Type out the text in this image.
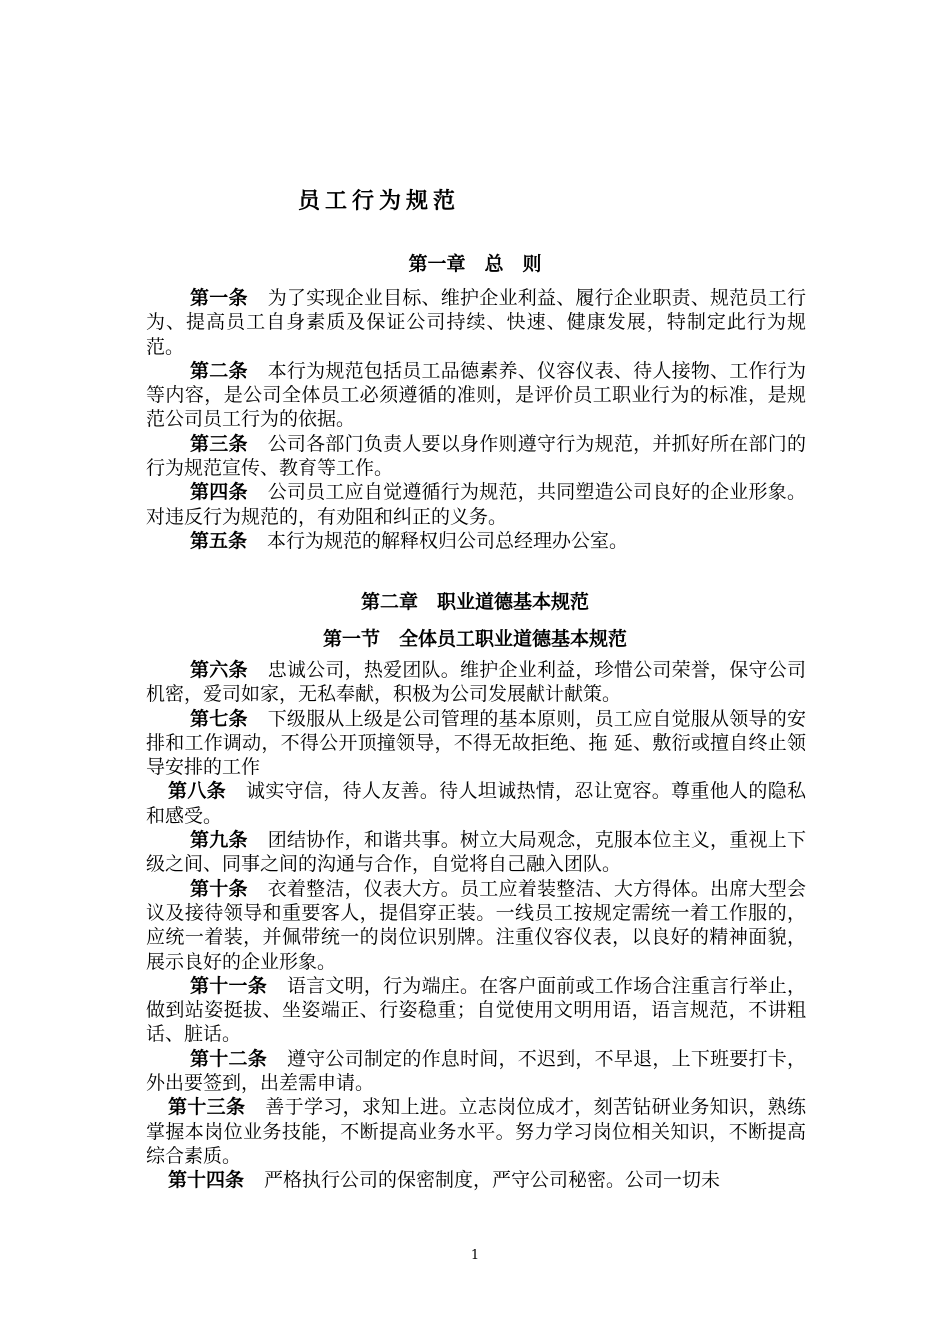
员工行为规范
第一章　总　则

第一条 为了实现企业目标、维护企业利益、履行企业职责、规范员工行为、提高员工自身素质及保证公司持续、快速、健康发展，特制定此行为规范。

第二条 本行为规范包括员工品德素养、仪容仪表、待人接物、工作行为等内容，是公司全体员工必须遵循的准则，是评价员工职业行为的标准，是规范公司员工行为的依据。

第三条 公司各部门负责人要以身作则遵守行为规范，并抓好所在部门的行为规范宣传、教育等工作。

第四条 公司员工应自觉遵循行为规范，共同塑造公司良好的企业形象。对违反行为规范的，有劝阻和纠正的义务。

第五条 本行为规范的解释权归公司总经理办公室。

第二章　职业道德基本规范
第一节　全体员工职业道德基本规范

第六条 忠诚公司，热爱团队。维护企业利益，珍惜公司荣誉，保守公司机密，爱司如家，无私奉献，积极为公司发展献计献策。

第七条 下级服从上级是公司管理的基本原则，员工应自觉服从领导的安排和工作调动，不得公开顶撞领导，不得无故拒绝、拖 延、敷衍或擅自终止领导安排的工作

第八条 诚实守信，待人友善。待人坦诚热情，忍让宽容。尊重他人的隐私和感受。

第九条 团结协作，和谐共事。树立大局观念，克服本位主义，重视上下级之间、同事之间的沟通与合作，自觉将自己融入团队。

第十条 衣着整洁，仪表大方。员工应着装整洁、大方得体。出席大型会议及接待领导和重要客人，提倡穿正装。一线员工按规定需统一着工作服的，应统一着装，并佩带统一的岗位识别牌。注重仪容仪表，以良好的精神面貌，展示良好的企业形象。

第十一条 语言文明，行为端庄。在客户面前或工作场合注重言行举止，做到站姿挺拔、坐姿端正、行姿稳重；自觉使用文明用语，语言规范，不讲粗话、脏话。

第十二条 遵守公司制定的作息时间，不迟到，不早退，上下班要打卡，外出要签到，出差需申请。

第十三条 善于学习，求知上进。立志岗位成才，刻苦钻研业务知识，熟练掌握本岗位业务技能，不断提高业务水平。努力学习岗位相关知识，不断提高综合素质。

第十四条 严格执行公司的保密制度，严守公司秘密。公司一切未

1
